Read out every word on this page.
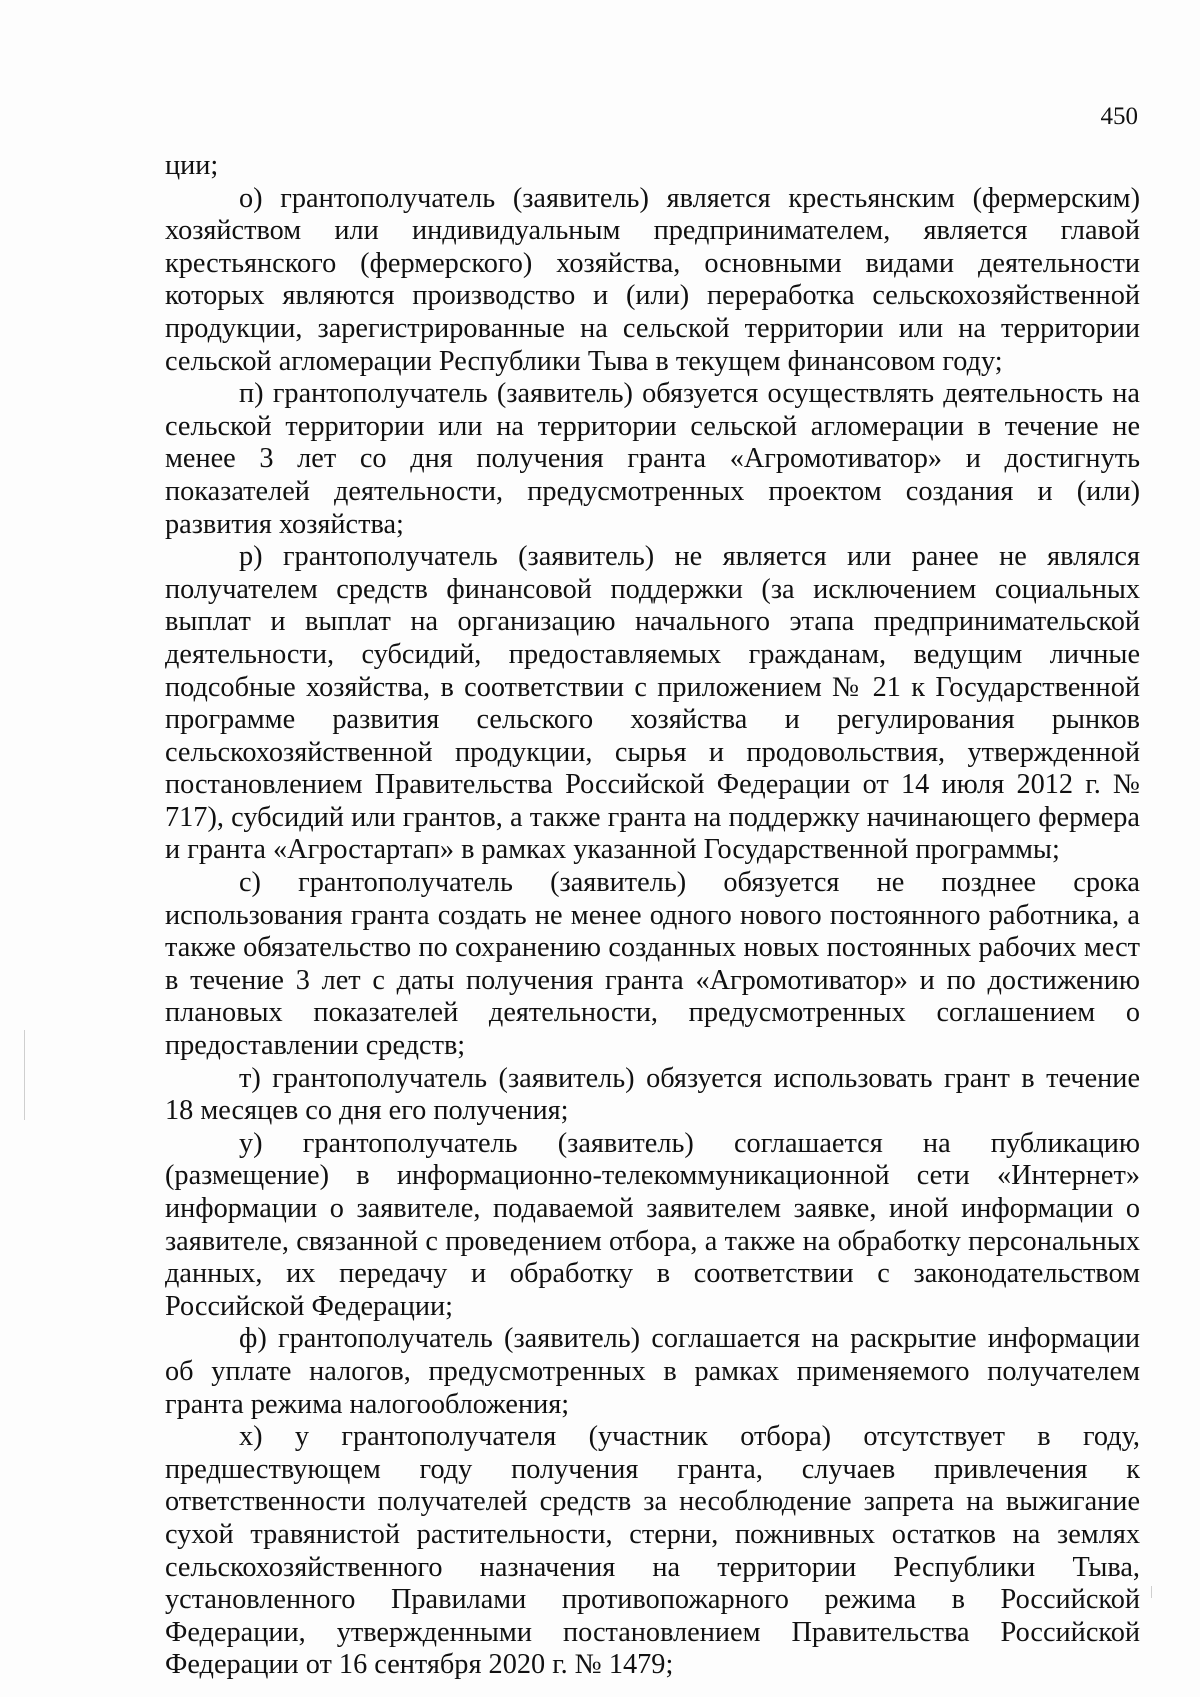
450

ции;

о) грантополучатель (заявитель) является крестьянским (фермерским) хозяйством или индивидуальным предпринимателем, является главой крестьянского (фермерского) хозяйства, основными видами деятельности которых являются производство и (или) переработка сельскохозяйственной продукции, зарегистрированные на сельской территории или на территории сельской агломерации Республики Тыва в текущем финансовом году;

п) грантополучатель (заявитель) обязуется осуществлять деятельность на сельской территории или на территории сельской агломерации в течение не менее 3 лет со дня получения гранта «Агромотиватор» и достигнуть показателей деятельности, предусмотренных проектом создания и (или) развития хозяйства;

р) грантополучатель (заявитель) не является или ранее не являлся получателем средств финансовой поддержки (за исключением социальных выплат и выплат на организацию начального этапа предпринимательской деятельности, субсидий, предоставляемых гражданам, ведущим личные подсобные хозяйства, в соответствии с приложением № 21 к Государственной программе развития сельского хозяйства и регулирования рынков сельскохозяйственной продукции, сырья и продовольствия, утвержденной постановлением Правительства Российской Федерации от 14 июля 2012 г. № 717), субсидий или грантов, а также гранта на поддержку начинающего фермера и гранта «Агростартап» в рамках указанной Государственной программы;

с) грантополучатель (заявитель) обязуется не позднее срока использования гранта создать не менее одного нового постоянного работника, а также обязательство по сохранению созданных новых постоянных рабочих мест в течение 3 лет с даты получения гранта «Агромотиватор» и по достижению плановых показателей деятельности, предусмотренных соглашением о предоставлении средств;

т) грантополучатель (заявитель) обязуется использовать грант в течение 18 месяцев со дня его получения;

у) грантополучатель (заявитель) соглашается на публикацию (размещение) в информационно-телекоммуникационной сети «Интернет» информации о заявителе, подаваемой заявителем заявке, иной информации о заявителе, связанной с проведением отбора, а также на обработку персональных данных, их передачу и обработку в соответствии с законодательством Российской Федерации;

ф) грантополучатель (заявитель) соглашается на раскрытие информации об уплате налогов, предусмотренных в рамках применяемого получателем гранта режима налогообложения;

х) у грантополучателя (участник отбора) отсутствует в году, предшествующем году получения гранта, случаев привлечения к ответственности получателей средств за несоблюдение запрета на выжигание сухой травянистой растительности, стерни, пожнивных остатков на землях сельскохозяйственного назначения на территории Республики Тыва, установленного Правилами противопожарного режима в Российской Федерации, утвержденными постановлением Правительства Российской Федерации от 16 сентября 2020 г. № 1479;
